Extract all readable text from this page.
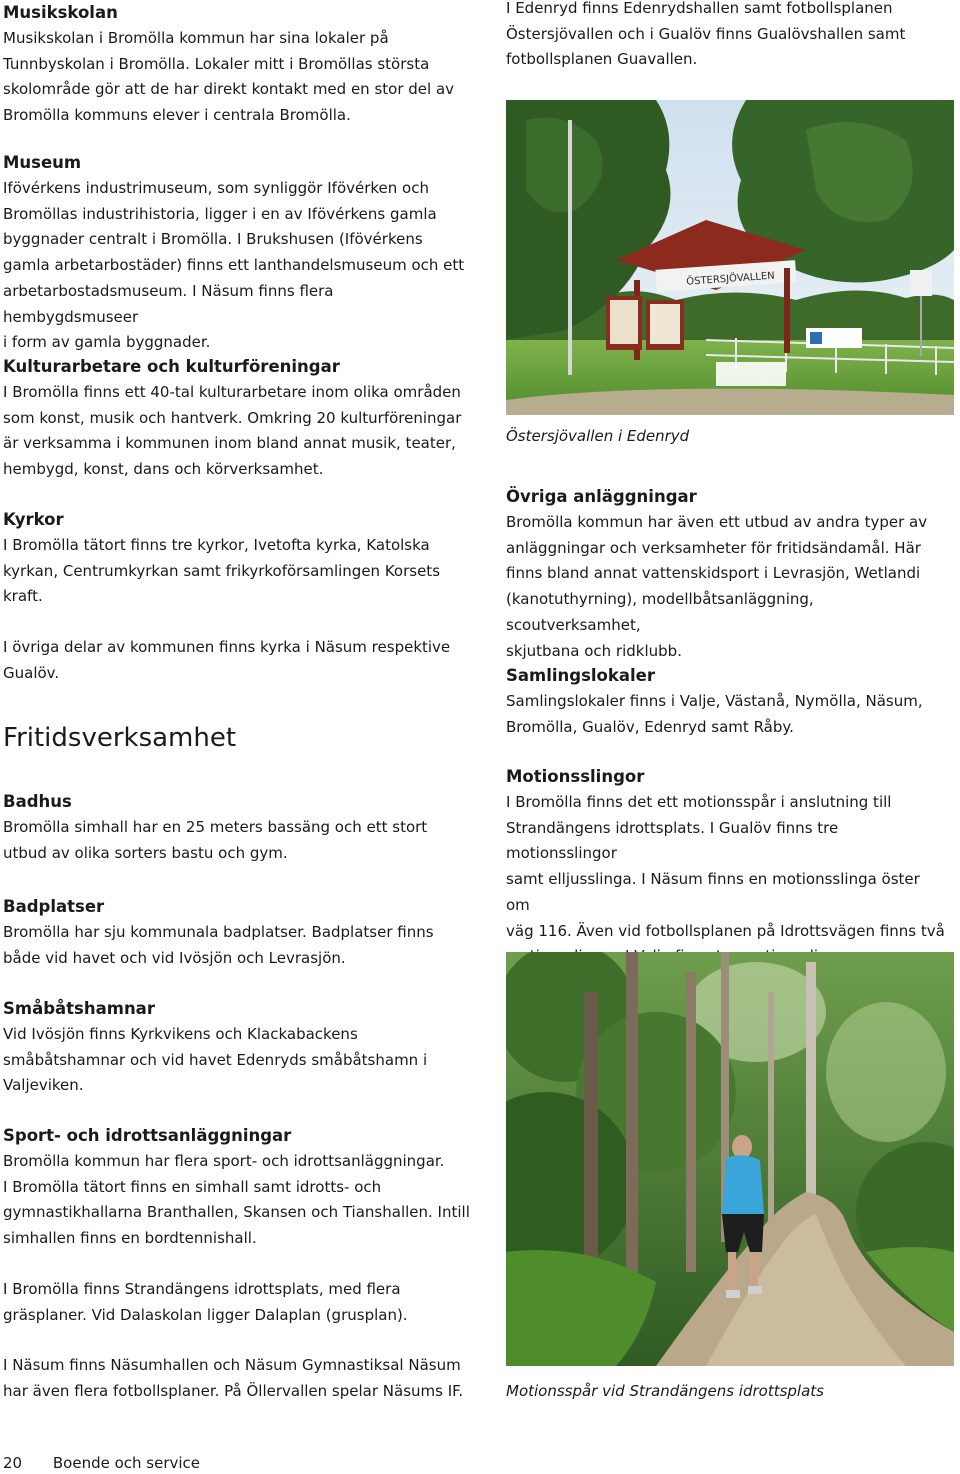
Musikskolan

Musikskolan i Bromölla kommun har sina lokaler på
Tunnbyskolan i Bromölla. Lokaler mitt i Bromöllas största
skolområde gör att de har direkt kontakt med en stor del av
Bromölla kommuns elever i centrala Bromölla.

Museum

Ifövérkens industrimuseum, som synliggör Ifövérken och
Bromöllas industrihistoria, ligger i en av Ifövérkens gamla
byggnader centralt i Bromölla. I Brukshusen (Ifövérkens
gamla arbetarbostäder) finns ett lanthandelsmuseum och ett
arbetarbostadsmuseum. I Näsum finns flera hembygdsmuseer
i form av gamla byggnader.

Kulturarbetare och kulturföreningar

I Bromölla finns ett 40-tal kulturarbetare inom olika områden
som konst, musik och hantverk. Omkring 20 kulturföreningar
är verksamma i kommunen inom bland annat musik, teater,
hembygd, konst, dans och körverksamhet.

Kyrkor

I Bromölla tätort finns tre kyrkor, Ivetofta kyrka, Katolska
kyrkan, Centrumkyrkan samt frikyrkoförsamlingen Korsets
kraft.

I övriga delar av kommunen finns kyrka i Näsum respektive
Gualöv.

Fritidsverksamhet
Badhus

Bromölla simhall har en 25 meters bassäng och ett stort
utbud av olika sorters bastu och gym.

Badplatser

Bromölla har sju kommunala badplatser. Badplatser finns
både vid havet och vid Ivösjön och Levrasjön.

Småbåtshamnar

Vid Ivösjön finns Kyrkvikens och Klackabackens
småbåtshamnar och vid havet Edenryds småbåtshamn i
Valjeviken.

Sport- och idrottsanläggningar

Bromölla kommun har flera sport- och idrottsanläggningar.
I Bromölla tätort finns en simhall samt idrotts- och
gymnastikhallarna Branthallen, Skansen och Tianshallen. Intill
simhallen finns en bordtennishall.

I Bromölla finns Strandängens idrottsplats, med flera
gräsplaner. Vid Dalaskolan ligger Dalaplan (grusplan).

I Näsum finns Näsumhallen och Näsum Gymnastiksal Näsum
har även flera fotbollsplaner. På Öllervallen spelar Näsums IF.

I Edenryd finns Edenrydshallen samt fotbollsplanen
Östersjövallen och i Gualöv finns Gualövshallen samt
fotbollsplanen Guavallen.

Östersjövallen i Edenryd
Övriga anläggningar

Bromölla kommun har även ett utbud av andra typer av
anläggningar och verksamheter för fritidsändamål. Här
finns bland annat vattenskidsport i Levrasjön, Wetlandi
(kanotuthyrning), modellbåtsanläggning, scoutverksamhet,
skjutbana och ridklubb.

Samlingslokaler

Samlingslokaler finns i Valje, Västanå, Nymölla, Näsum,
Bromölla, Gualöv, Edenryd samt Råby.

Motionsslingor

I Bromölla finns det ett motionsspår i anslutning till
Strandängens idrottsplats. I Gualöv finns tre motionsslingor
samt elljusslinga. I Näsum finns en motionsslinga öster om
väg 116. Även vid fotbollsplanen på Idrottsvägen finns två

Motionsspår vid Strandängens idrottsplats
ÖSTERSJÖVALLEN
20 Boende och service
